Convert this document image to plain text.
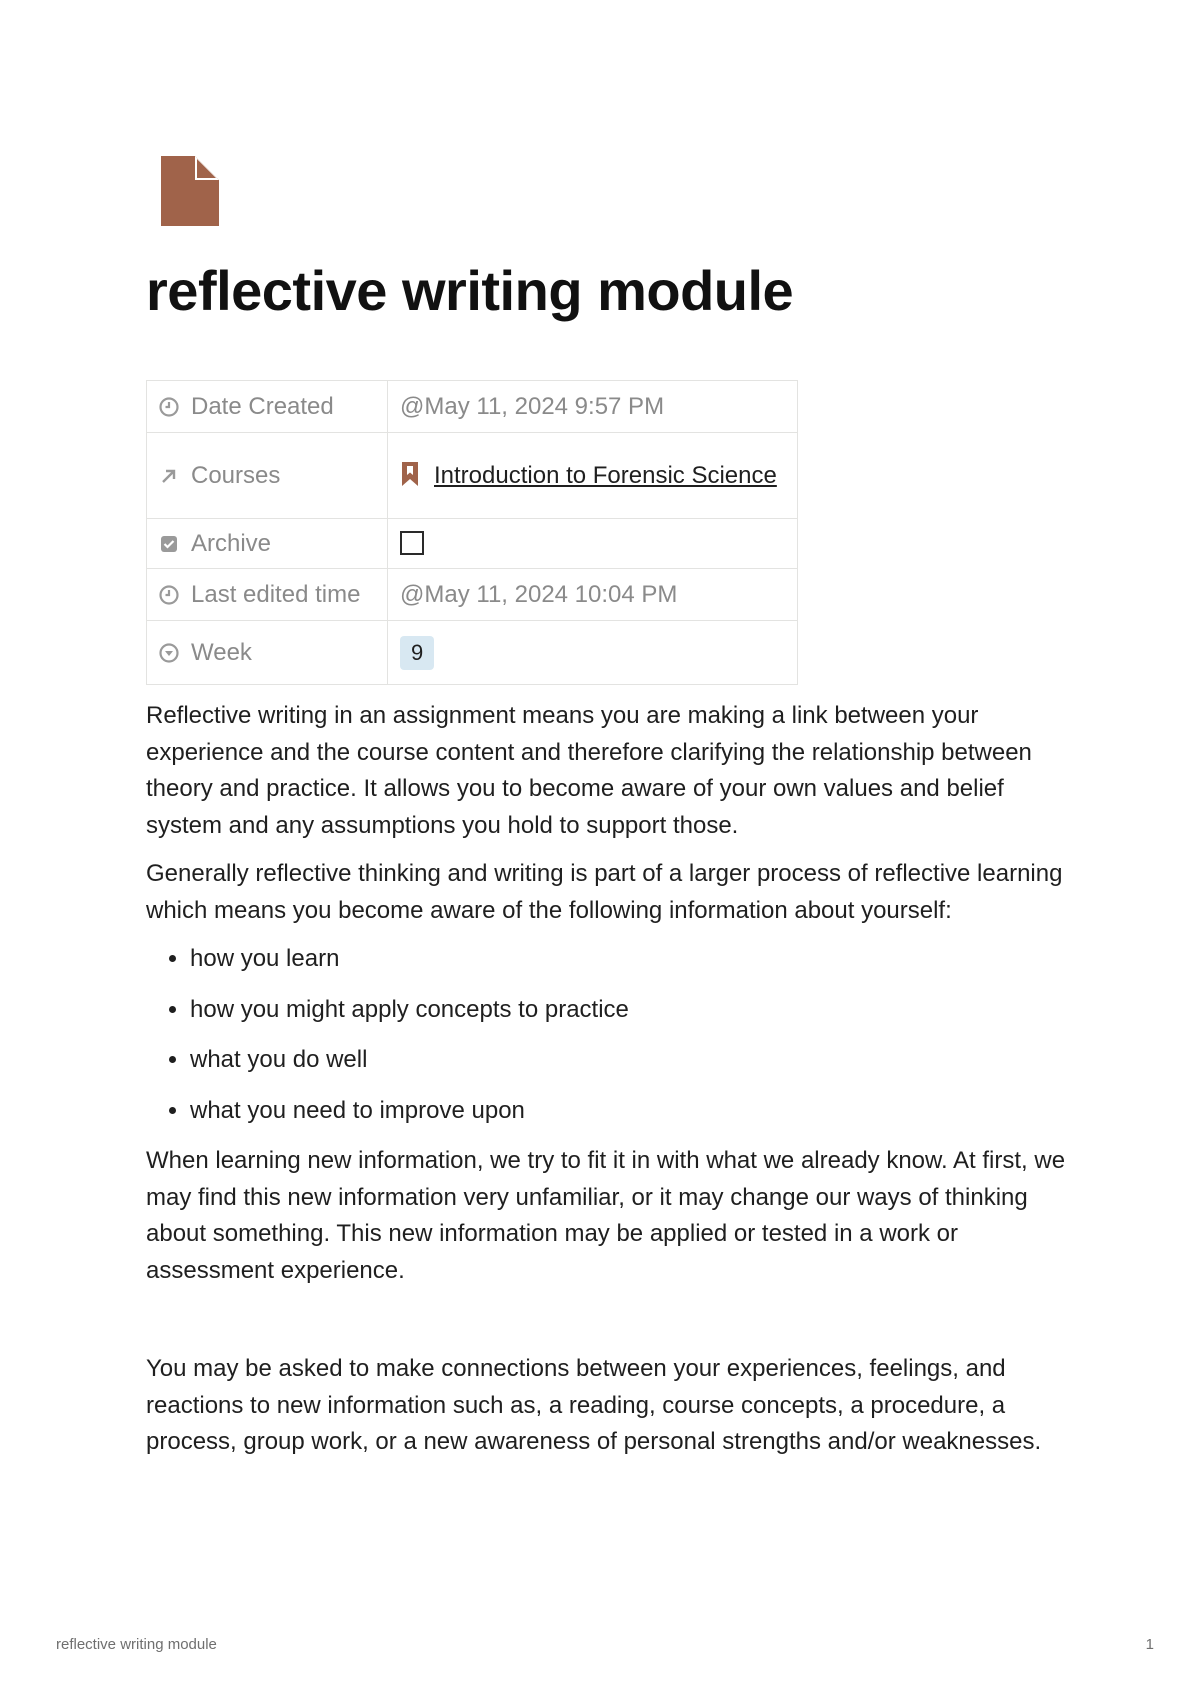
reflective writing module
Date Created	@May 11, 2024 9:57 PM
Courses	Introduction to Forensic Science
Archive	
Last edited time	@May 11, 2024 10:04 PM
Week	9

Reflective writing in an assignment means you are making a link between your experience and the course content and therefore clarifying the relationship between theory and practice. It allows you to become aware of your own values and belief system and any assumptions you hold to support those.

Generally reflective thinking and writing is part of a larger process of reflective learning which means you become aware of the following information about yourself:

• how you learn
• how you might apply concepts to practice
• what you do well
• what you need to improve upon

When learning new information, we try to fit it in with what we already know. At first, we may find this new information very unfamiliar, or it may change our ways of thinking about something. This new information may be applied or tested in a work or assessment experience.

You may be asked to make connections between your experiences, feelings, and reactions to new information such as, a reading, course concepts, a procedure, a process, group work, or a new awareness of personal strengths and/or weaknesses.

reflective writing module	1
